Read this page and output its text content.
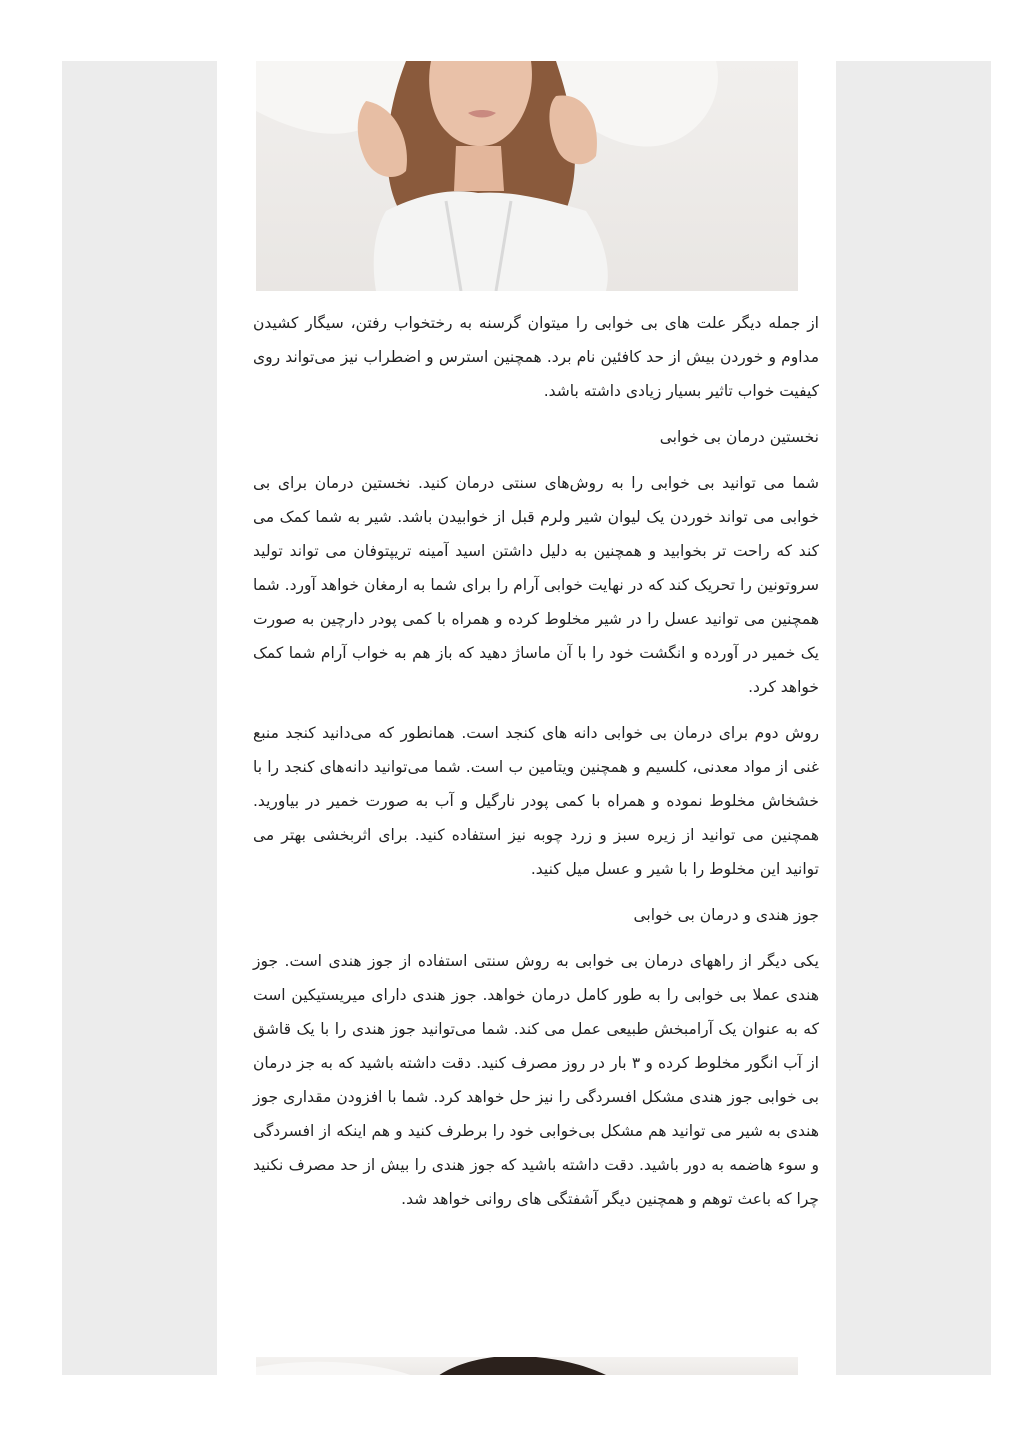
از جمله دیگر علت های بی خوابی را میتوان گرسنه به رختخواب رفتن، سیگار کشیدن مداوم و خوردن بیش از حد کافئین نام برد. همچنین استرس و اضطراب نیز می‌تواند روی کیفیت خواب تاثیر بسیار زیادی داشته باشد.

نخستین درمان بی خوابی

شما می توانید بی خوابی را به روش‌های سنتی درمان کنید. نخستین درمان برای بی خوابی می تواند خوردن یک لیوان شیر ولرم قبل از خوابیدن باشد. شیر به شما کمک می کند که راحت تر بخوابید و همچنین به دلیل داشتن اسید آمینه تریپتوفان می تواند تولید سروتونین را تحریک کند که در نهایت خوابی آرام را برای شما به ارمغان خواهد آورد. شما همچنین می توانید عسل را در شیر مخلوط کرده و همراه با کمی پودر دارچین به صورت یک خمیر در آورده و انگشت خود را با آن ماساژ دهید که باز هم به خواب آرام شما کمک خواهد کرد.

روش دوم برای درمان بی خوابی دانه های کنجد است. همانطور که می‌دانید کنجد منبع غنی از مواد معدنی، کلسیم و همچنین ویتامین ب است. شما می‌توانید دانه‌های کنجد را با خشخاش مخلوط نموده و همراه با کمی پودر نارگیل و آب به صورت خمیر در بیاورید. همچنین می توانید از زیره سبز و زرد چوبه نیز استفاده کنید. برای اثربخشی بهتر می توانید این مخلوط را با شیر و عسل میل کنید.

جوز هندی و درمان بی خوابی

یکی دیگر از راههای درمان بی خوابی به روش سنتی استفاده از جوز هندی است. جوز هندی عملا بی خوابی را به طور کامل درمان خواهد. جوز هندی دارای میریستیکین است که به عنوان یک آرامبخش طبیعی عمل می کند. شما می‌توانید جوز هندی را با یک قاشق از آب انگور مخلوط کرده و ۳ بار در روز مصرف کنید. دقت داشته باشید که به جز درمان بی خوابی جوز هندی مشکل افسردگی را نیز حل خواهد کرد. شما با افزودن مقداری جوز هندی به شیر می توانید هم مشکل بی‌خوابی خود را برطرف کنید و هم اینکه از افسردگی و سوء هاضمه به دور باشید. دقت داشته باشید که جوز هندی را بیش از حد مصرف نکنید چرا که باعث توهم و همچنین دیگر آشفتگی های روانی خواهد شد.
